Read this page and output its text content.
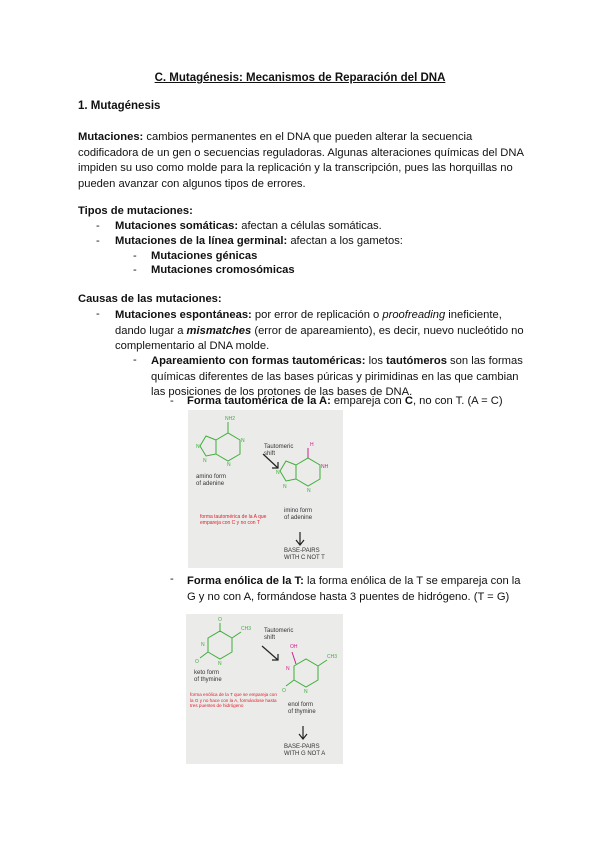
C. Mutagénesis: Mecanismos de Reparación del DNA
1. Mutagénesis
Mutaciones: cambios permanentes en el DNA que pueden alterar la secuencia
codificadora de un gen o secuencias reguladoras. Algunas alteraciones químicas del DNA
impiden su uso como molde para la replicación y la transcripción, pues las horquillas no
pueden avanzar con algunos tipos de errores.
Tipos de mutaciones:
- Mutaciones somáticas: afectan a células somáticas.
- Mutaciones de la línea germinal: afectan a los gametos:
- Mutaciones génicas
- Mutaciones cromosómicas
Causas de las mutaciones:
- Mutaciones espontáneas: por error de replicación o proofreading ineficiente,
dando lugar a mismatches (error de apareamiento), es decir, nuevo nucleótido no
complementario al DNA molde.
- Apareamiento con formas tautoméricas: los tautómeros son las formas
químicas diferentes de las bases púricas y pirimidinas en las que cambian
las posiciones de los protones de las bases de DNA.
- Forma tautomérica de la A: empareja con C, no con T. (A = C)
NH2
N
N
N
N
H
NH
N
N
N
Tautomeric
shift
amino form
of adenine
imino form
of adenine
forma tautomérica de la A que
empareja con C y no con T
BASE-PAIRS
WITH C NOT T
- Forma enólica de la T: la forma enólica de la T se empareja con la
G y no con A, formándose hasta 3 puentes de hidrógeno. (T = G)
O
CH3
O
N
N
OH
N
CH3
O	N
Tautomeric
shift
keto form
of thymine
enol form
of thymine
forma enólica de la T que se empareja con
la G y no hace con la A, formándose hasta
tres puentes de hidrógeno
BASE-PAIRS
WITH G NOT A
